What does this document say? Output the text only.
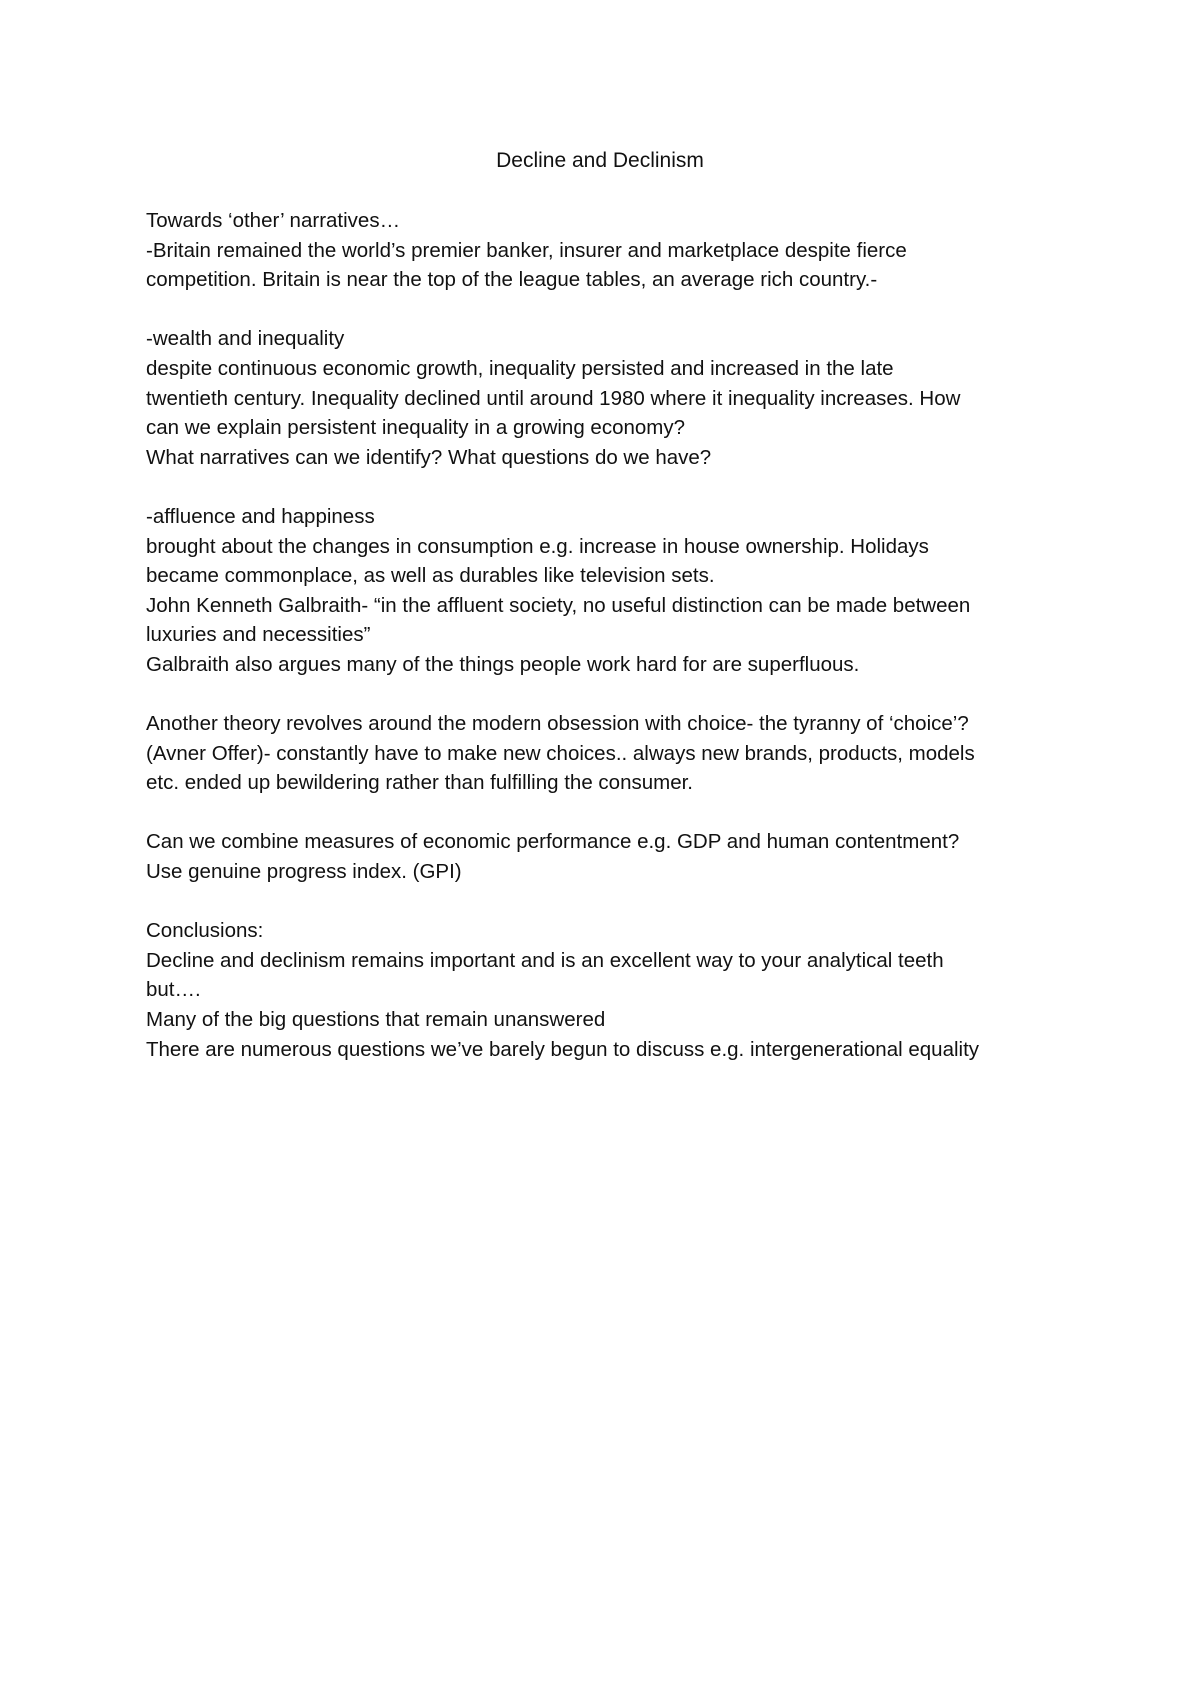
Decline and Declinism
Towards ‘other’ narratives…
-Britain remained the world’s premier banker, insurer and marketplace despite fierce
competition. Britain is near the top of the league tables, an average rich country.-
-wealth and inequality
despite continuous economic growth, inequality persisted and increased in the late
twentieth century. Inequality declined until around 1980 where it inequality increases. How
can we explain persistent inequality in a growing economy?
What narratives can we identify? What questions do we have?
-affluence and happiness
brought about the changes in consumption e.g. increase in house ownership. Holidays
became commonplace, as well as durables like television sets.
John Kenneth Galbraith- “in the affluent society, no useful distinction can be made between
luxuries and necessities”
Galbraith also argues many of the things people work hard for are superfluous.
Another theory revolves around the modern obsession with choice- the tyranny of ‘choice’?
(Avner Offer)- constantly have to make new choices.. always new brands, products, models
etc. ended up bewildering rather than fulfilling the consumer.
Can we combine measures of economic performance e.g. GDP and human contentment?
Use genuine progress index. (GPI)
Conclusions:
Decline and declinism remains important and is an excellent way to your analytical teeth
but….
Many of the big questions that remain unanswered
There are numerous questions we’ve barely begun to discuss e.g. intergenerational equality
